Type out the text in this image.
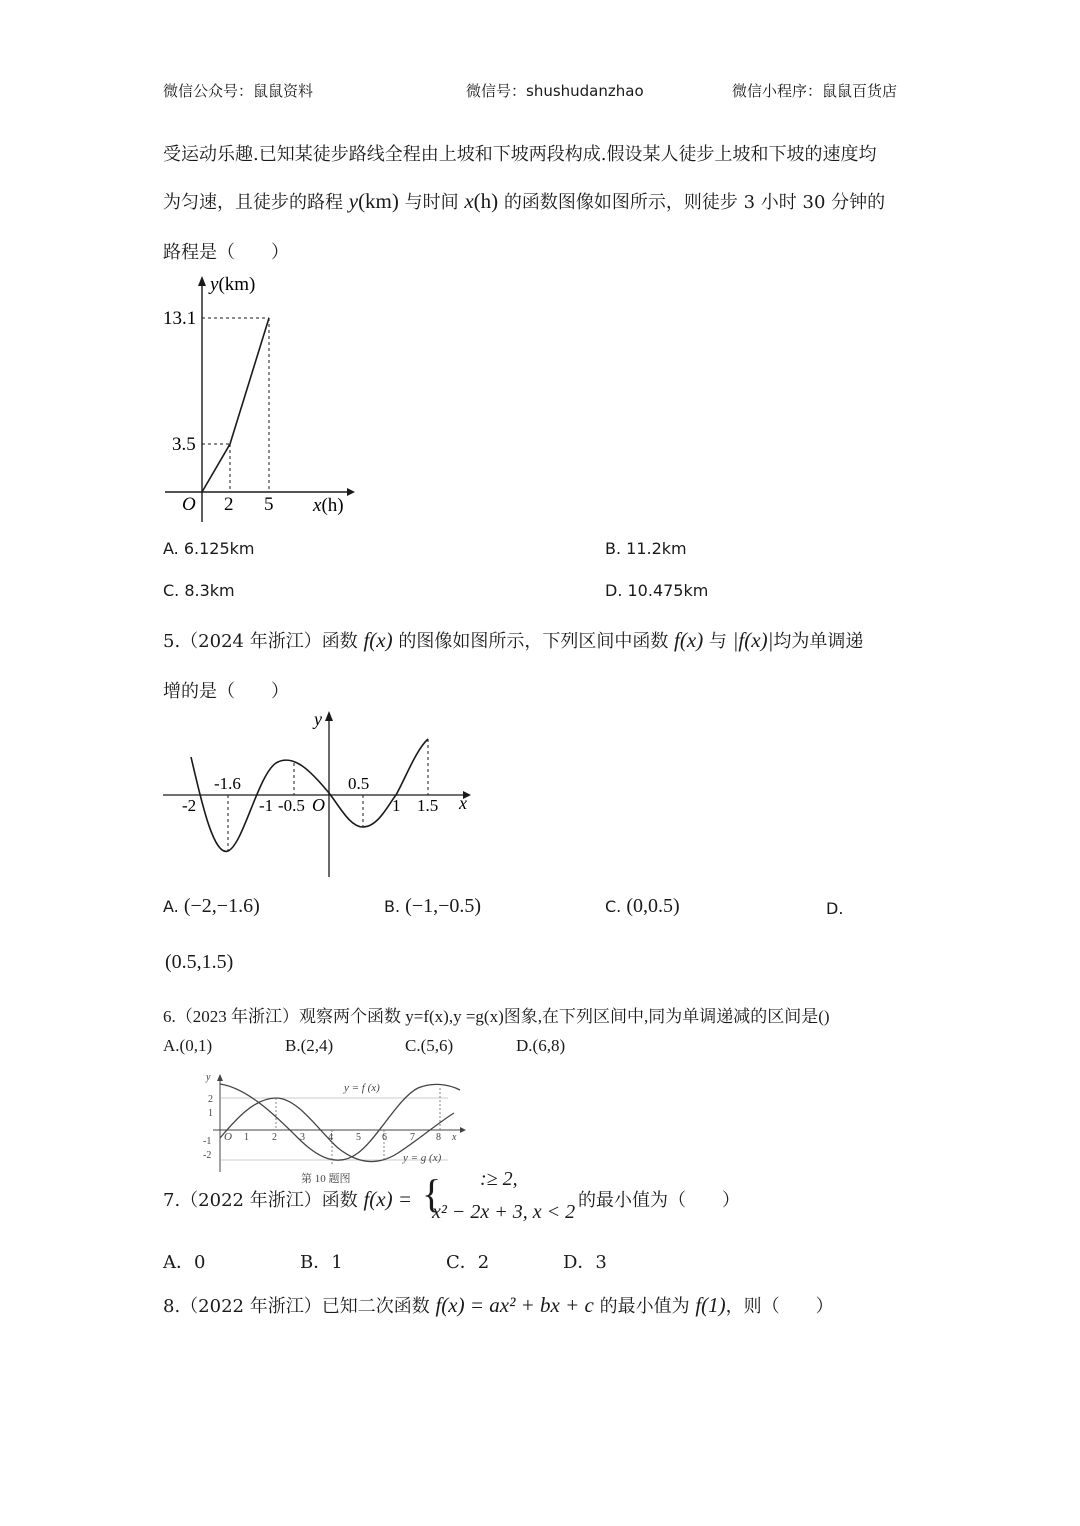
微信公众号：鼠鼠资料	微信号：shushudanzhao	微信小程序：鼠鼠百货店
受运动乐趣.已知某徒步路线全程由上坡和下坡两段构成.假设某人徒步上坡和下坡的速度均
为匀速，且徒步的路程 y(km) 与时间 x(h) 的函数图像如图所示，则徒步 3 小时 30 分钟的
路程是（　　）
y(km)
13.1
3.5
O 2 5 x(h)
A. 6.125km	B. 11.2km
C. 8.3km	D. 10.475km
5.（2024 年浙江）函数 f(x) 的图像如图所示，下列区间中函数 f(x) 与 |f(x)|均为单调递
增的是（　　）
y
x
O
-2
-1.6
-1 -0.5
0.5
1 1.5
A. (−2,−1.6)	B. (−1,−0.5)	C. (0,0.5)	D.
(0.5,1.5)
6.（2023 年浙江）观察两个函数 y=f(x),y =g(x)图象,在下列区间中,同为单调递减的区间是()
A.(0,1)	B.(2,4)	C.(5,6)	D.(6,8)
y
2
1
-1
-2
O 1 2 3 4 5 6 7 8 x
y = f (x)
y = g (x)
第 10 题图
7.（2022 年浙江）函数 f(x) = { :≥ 2,
x² − 2x + 3, x < 2
的最小值为（　　）
A．0	B．1	C．2	D．3
8.（2022 年浙江）已知二次函数 f(x) = ax² + bx + c 的最小值为 f(1)，则（　　）
